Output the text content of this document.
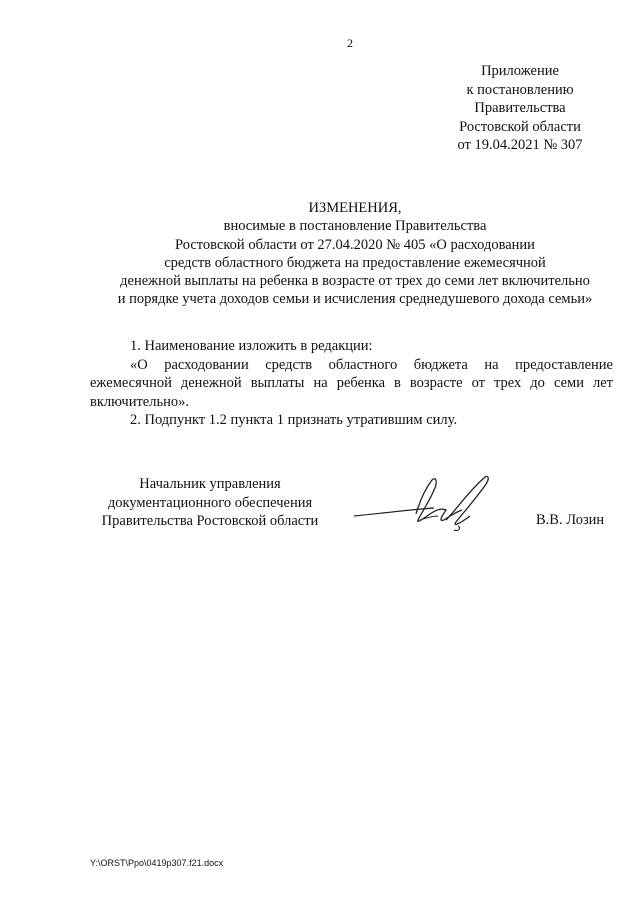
2
Приложение
к постановлению
Правительства
Ростовской области
от 19.04.2021 № 307
ИЗМЕНЕНИЯ,
вносимые в постановление Правительства
Ростовской области от 27.04.2020 № 405 «О расходовании
средств областного бюджета на предоставление ежемесячной
денежной выплаты на ребенка в возрасте от трех до семи лет включительно
и порядке учета доходов семьи и исчисления среднедушевого дохода семьи»

1. Наименование изложить в редакции:

«О расходовании средств областного бюджета на предоставление ежемесячной денежной выплаты на ребенка в возрасте от трех до семи лет включительно».

2. Подпункт 1.2 пункта 1 признать утратившим силу.

Начальник управления
документационного обеспечения
Правительства Ростовской области	В.В. Лозин
Y:\ORST\Ppo\0419p307.f21.docx
